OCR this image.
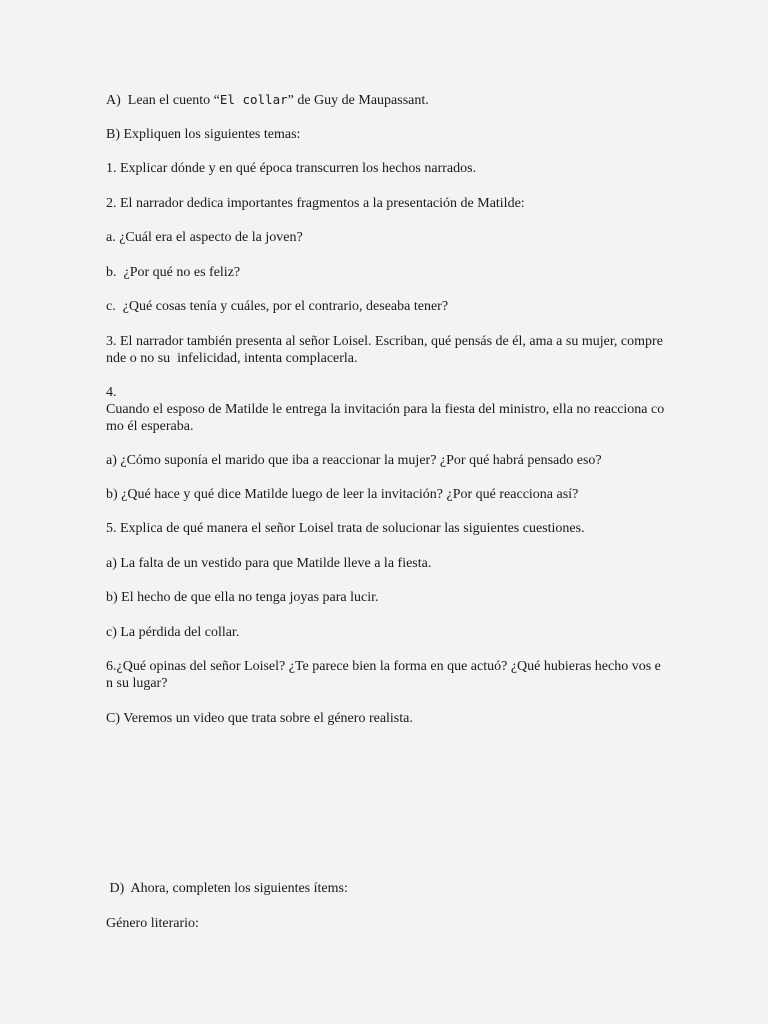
A)  Lean el cuento “El collar” de Guy de Maupassant.

B) Expliquen los siguientes temas:

1. Explicar dónde y en qué época transcurren los hechos narrados.

2. El narrador dedica importantes fragmentos a la presentación de Matilde:

a. ¿Cuál era el aspecto de la joven?

b.  ¿Por qué no es feliz?

c.  ¿Qué cosas tenía y cuáles, por el contrario, deseaba tener?

3. El narrador también presenta al señor Loisel. Escriban, qué pensás de él, ama a su mujer, compre

nde o no su  infelicidad, intenta complacerla.

4.

Cuando el esposo de Matilde le entrega la invitación para la fiesta del ministro, ella no reacciona co

mo él esperaba.

a) ¿Cómo suponía el marido que iba a reaccionar la mujer? ¿Por qué habrá pensado eso?

b) ¿Qué hace y qué dice Matilde luego de leer la invitación? ¿Por qué reacciona así?

5. Explica de qué manera el señor Loisel trata de solucionar las siguientes cuestiones.

a) La falta de un vestido para que Matilde lleve a la fiesta.

b) El hecho de que ella no tenga joyas para lucir.

c) La pérdida del collar.

6.¿Qué opinas del señor Loisel? ¿Te parece bien la forma en que actuó? ¿Qué hubieras hecho vos e

n su lugar?

C) Veremos un video que trata sobre el género realista.

D)  Ahora, completen los siguientes ítems:

Género literario:
